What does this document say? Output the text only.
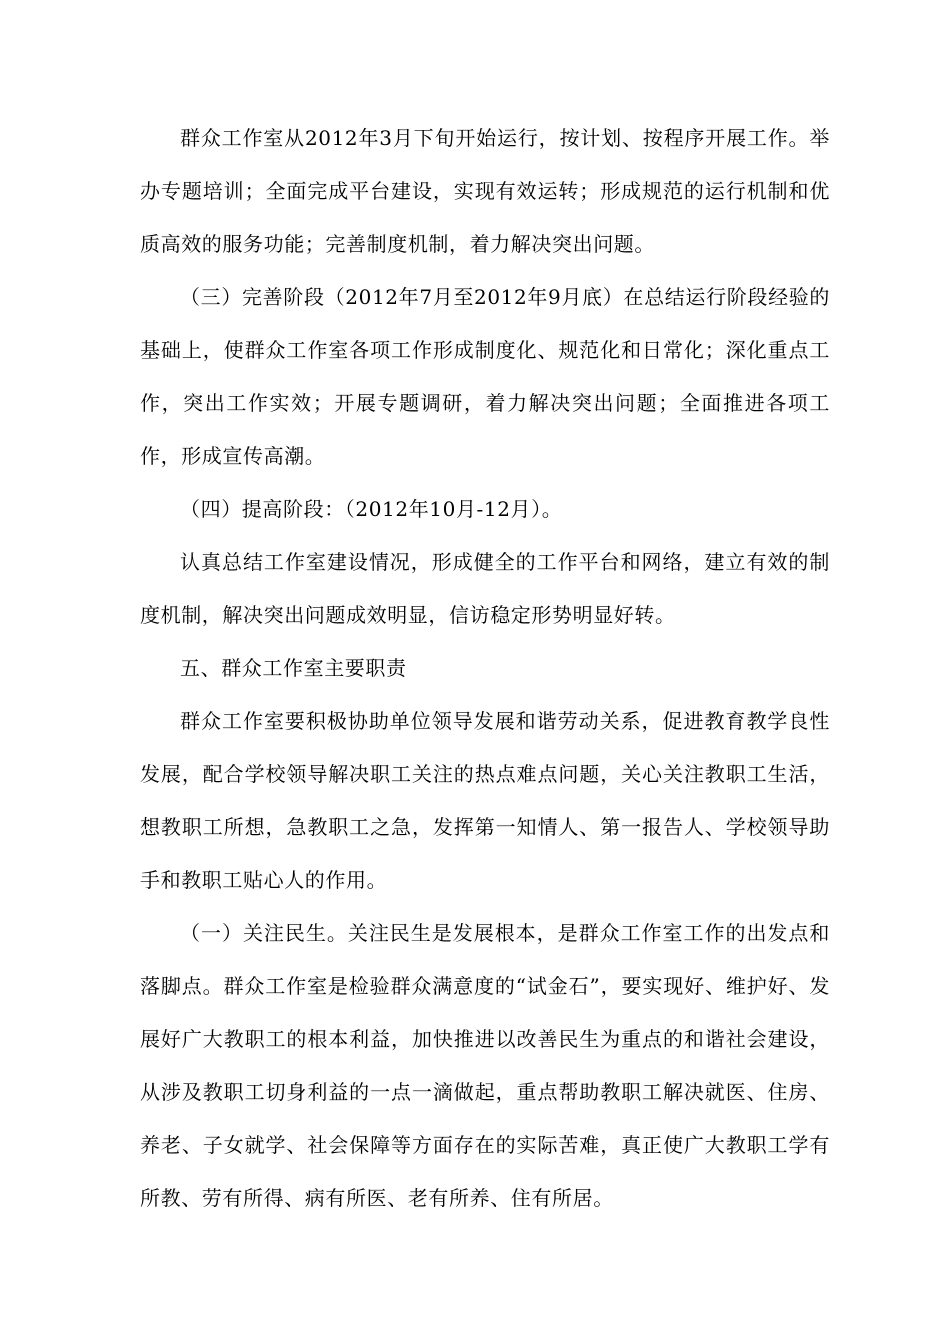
群众工作室从2012年3月下旬开始运行，按计划、按程序开展工作。举办专题培训；全面完成平台建设，实现有效运转；形成规范的运行机制和优质高效的服务功能；完善制度机制，着力解决突出问题。

（三）完善阶段（2012年7月至2012年9月底）在总结运行阶段经验的基础上，使群众工作室各项工作形成制度化、规范化和日常化；深化重点工作，突出工作实效；开展专题调研，着力解决突出问题；全面推进各项工作，形成宣传高潮。

（四）提高阶段：（2012年10月-12月）。

认真总结工作室建设情况，形成健全的工作平台和网络，建立有效的制度机制，解决突出问题成效明显，信访稳定形势明显好转。

五、群众工作室主要职责

群众工作室要积极协助单位领导发展和谐劳动关系，促进教育教学良性发展，配合学校领导解决职工关注的热点难点问题，关心关注教职工生活，想教职工所想，急教职工之急，发挥第一知情人、第一报告人、学校领导助手和教职工贴心人的作用。

（一）关注民生。关注民生是发展根本，是群众工作室工作的出发点和落脚点。群众工作室是检验群众满意度的“试金石”，要实现好、维护好、发展好广大教职工的根本利益，加快推进以改善民生为重点的和谐社会建设，从涉及教职工切身利益的一点一滴做起，重点帮助教职工解决就医、住房、养老、子女就学、社会保障等方面存在的实际苦难，真正使广大教职工学有所教、劳有所得、病有所医、老有所养、住有所居。
